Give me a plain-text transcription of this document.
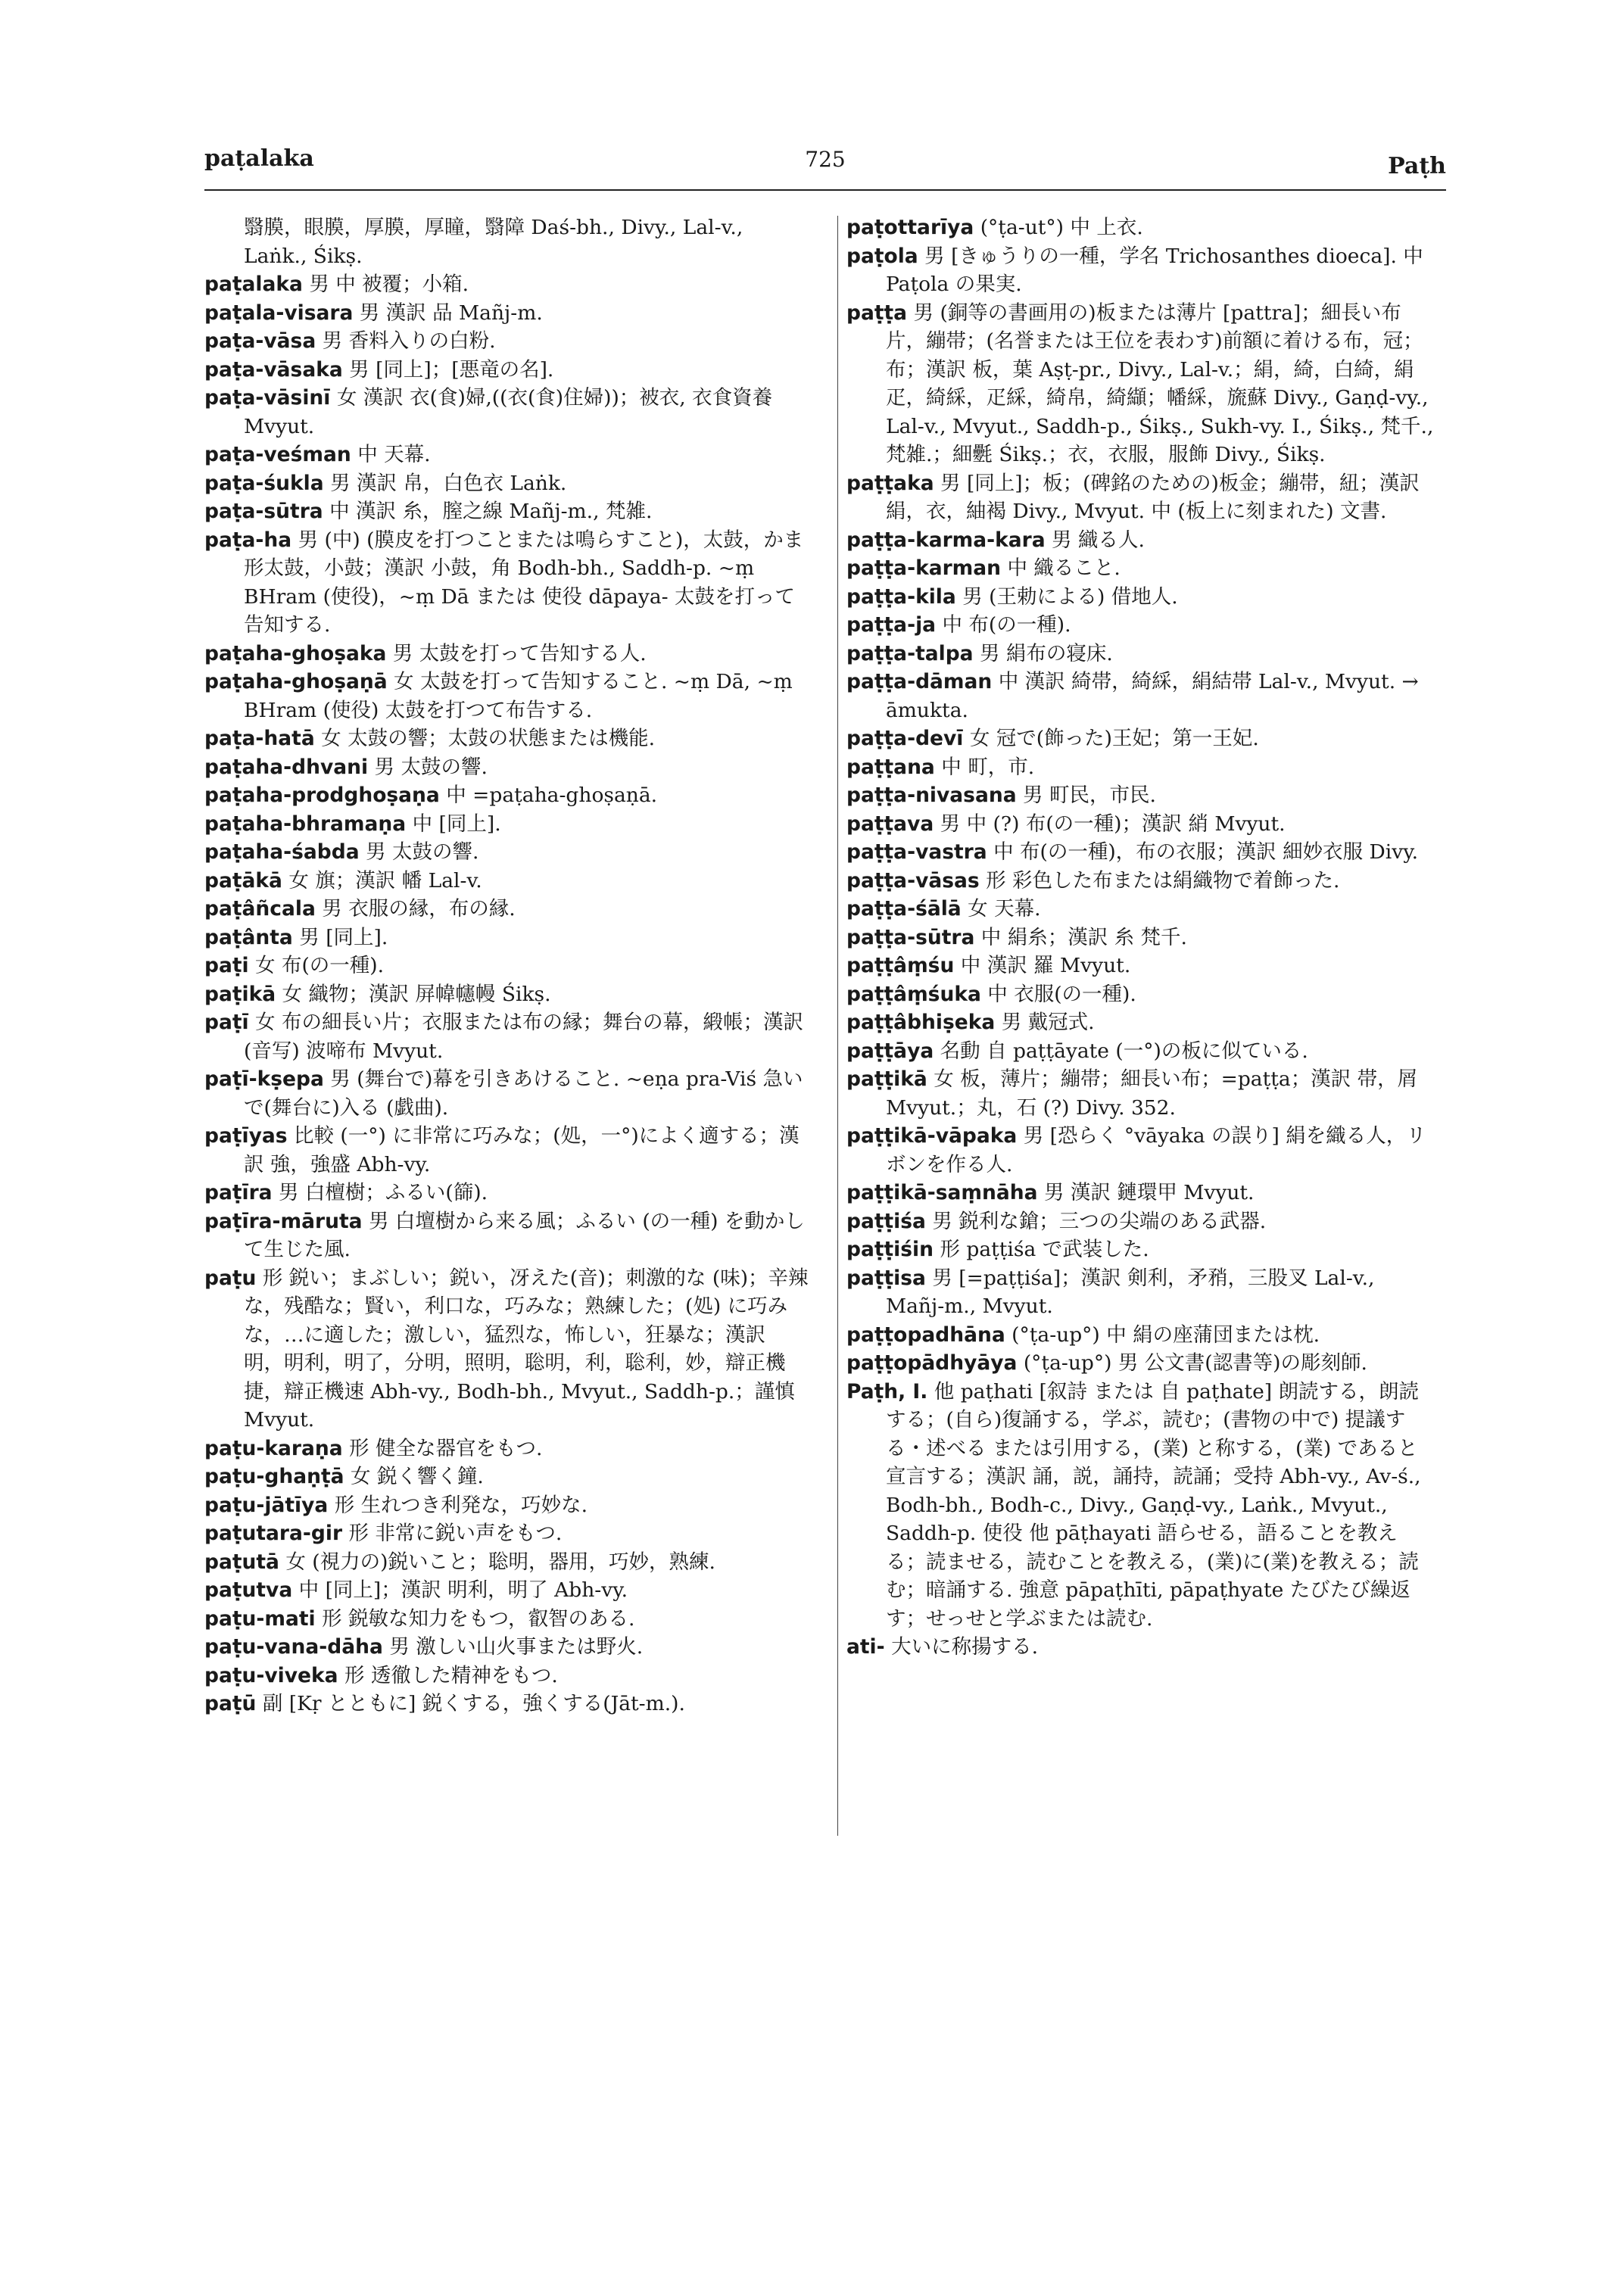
paṭalaka	725	Paṭh

翳膜，眼膜，厚膜，厚瞳，翳障 Daś-bh., Divy., Lal-v., Laṅk., Śikṣ.

paṭalaka 男 中 被覆；小箱.

paṭala-visara 男 漢訳 品 Mañj-m.

paṭa-vāsa 男 香料入りの白粉.

paṭa-vāsaka 男 [同上]；[悪竜の名].

paṭa-vāsinī 女 漢訳 衣(食)婦,((衣(食)住婦))；被衣, 衣食資養 Mvyut.

paṭa-veśman 中 天幕.

paṭa-śukla 男 漢訳 帛，白色衣 Laṅk.

paṭa-sūtra 中 漢訳 糸，膣之線 Mañj-m., 梵雑.

paṭa-ha 男 (中) (膜皮を打つことまたは鳴らすこと)，太鼓，かま形太鼓，小鼓；漢訳 小鼓，角 Bodh-bh., Saddh-p. ~ṃ BHram (使役)，~ṃ Dā または 使役 dāpaya- 太鼓を打って告知する.

paṭaha-ghoṣaka 男 太鼓を打って告知する人.

paṭaha-ghoṣaṇā 女 太鼓を打って告知すること. ~ṃ Dā, ~ṃ BHram (使役) 太鼓を打つて布告する.

paṭa-hatā 女 太鼓の響；太鼓の状態または機能.

paṭaha-dhvani 男 太鼓の響.

paṭaha-prodghoṣaṇa 中 =paṭaha-ghoṣaṇā.

paṭaha-bhramaṇa 中 [同上].

paṭaha-śabda 男 太鼓の響.

paṭākā 女 旗；漢訳 幡 Lal-v.

paṭâñcala 男 衣服の縁，布の縁.

paṭânta 男 [同上].

paṭi 女 布(の一種).

paṭikā 女 織物；漢訳 屏幃幰幔 Śikṣ.

paṭī 女 布の細長い片；衣服または布の縁；舞台の幕，緞帳；漢訳 (音写) 波啼布 Mvyut.

paṭī-kṣepa 男 (舞台で)幕を引きあけること. ~eṇa pra-Viś 急いで(舞台に)入る (戯曲).

paṭīyas 比較 (一°) に非常に巧みな；(処，一°)によく適する；漢訳 強，強盛 Abh-vy.

paṭīra 男 白檀樹；ふるい(篩).

paṭīra-māruta 男 白壇樹から来る風；ふるい (の一種) を動かして生じた風.

paṭu 形 鋭い；まぶしい；鋭い，冴えた(音)；刺激的な (味)；辛辣な，残酷な；賢い，利口な，巧みな；熟練した；(処) に巧みな，…に適した；激しい，猛烈な，怖しい，狂暴な；漢訳 明，明利，明了，分明，照明，聡明，利，聡利，妙，辯正機捷，辯正機速 Abh-vy., Bodh-bh., Mvyut., Saddh-p.；謹慎 Mvyut.

paṭu-karaṇa 形 健全な器官をもつ.

paṭu-ghaṇṭā 女 鋭く響く鐘.

paṭu-jātīya 形 生れつき利発な，巧妙な.

paṭutara-gir 形 非常に鋭い声をもつ.

paṭutā 女 (視力の)鋭いこと；聡明，器用，巧妙，熟練.

paṭutva 中 [同上]；漢訳 明利，明了 Abh-vy.

paṭu-mati 形 鋭敏な知力をもつ，叡智のある.

paṭu-vana-dāha 男 激しい山火事または野火.

paṭu-viveka 形 透徹した精神をもつ.

paṭū 副 [Kṛ とともに] 鋭くする，強くする(Jāt-m.).

paṭottarīya (°ṭa-ut°) 中 上衣.

paṭola 男 [きゅうりの一種，学名 Trichosanthes dioeca]. 中 Paṭola の果実.

paṭṭa 男 (銅等の書画用の)板または薄片 [pattra]；細長い布片，繃帯；(名誉または王位を表わす)前額に着ける布，冠；布；漢訳 板，葉 Aṣṭ-pr., Divy., Lal-v.；絹，綺，白綺，絹疋，綺綵，疋綵，綺帛，綺纈；幡綵，旒蘇 Divy., Gaṇḍ-vy., Lal-v., Mvyut., Saddh-p., Śikṣ., Sukh-vy. I., Śikṣ., 梵千., 梵雑.；細氎 Śikṣ.；衣，衣服，服飾 Divy., Śikṣ.

paṭṭaka 男 [同上]；板；(碑銘のための)板金；繃帯，紐；漢訳 絹，衣，紬褐 Divy., Mvyut. 中 (板上に刻まれた) 文書.

paṭṭa-karma-kara 男 織る人.

paṭṭa-karman 中 織ること.

paṭṭa-kila 男 (王勅による) 借地人.

paṭṭa-ja 中 布(の一種).

paṭṭa-talpa 男 絹布の寝床.

paṭṭa-dāman 中 漢訳 綺帯，綺綵，絹結帯 Lal-v., Mvyut. → āmukta.

paṭṭa-devī 女 冠で(飾った)王妃；第一王妃.

paṭṭana 中 町，市.

paṭṭa-nivasana 男 町民，市民.

paṭṭava 男 中 (?) 布(の一種)；漢訳 綃 Mvyut.

paṭṭa-vastra 中 布(の一種)，布の衣服；漢訳 細妙衣服 Divy.

paṭṭa-vāsas 形 彩色した布または絹織物で着飾った.

paṭṭa-śālā 女 天幕.

paṭṭa-sūtra 中 絹糸；漢訳 糸 梵千.

paṭṭâṃśu 中 漢訳 羅 Mvyut.

paṭṭâṃśuka 中 衣服(の一種).

paṭṭâbhiṣeka 男 戴冠式.

paṭṭāya 名動 自 paṭṭāyate (一°)の板に似ている.

paṭṭikā 女 板，薄片；繃帯；細長い布；=paṭṭa；漢訳 帯，屑 Mvyut.；丸，石 (?) Divy. 352.

paṭṭikā-vāpaka 男 [恐らく °vāyaka の誤り] 絹を織る人，リボンを作る人.

paṭṭikā-saṃnāha 男 漢訳 鏈環甲 Mvyut.

paṭṭiśa 男 鋭利な鎗；三つの尖端のある武器.

paṭṭiśin 形 paṭṭiśa で武装した.

paṭṭisa 男 [=paṭṭiśa]；漢訳 剣利，矛矟，三股叉 Lal-v., Mañj-m., Mvyut.

paṭṭopadhāna (°ṭa-up°) 中 絹の座蒲団または枕.

paṭṭopādhyāya (°ṭa-up°) 男 公文書(認書等)の彫刻師.

Paṭh, I. 他 paṭhati [叙詩 または 自 paṭhate] 朗読する，朗読する；(自ら)復誦する，学ぶ，読む；(書物の中で) 提議する・述べる または引用する，(業) と称する，(業) であると宣言する；漢訳 誦，説，誦持，読誦；受持 Abh-vy., Av-ś., Bodh-bh., Bodh-c., Divy., Gaṇḍ-vy., Laṅk., Mvyut., Saddh-p. 使役 他 pāṭhayati 語らせる，語ることを教える；読ませる，読むことを教える，(業)に(業)を教える；読む；暗誦する. 強意 pāpaṭhīti, pāpaṭhyate たびたび繰返す；せっせと学ぶまたは読む.

ati- 大いに称揚する.
